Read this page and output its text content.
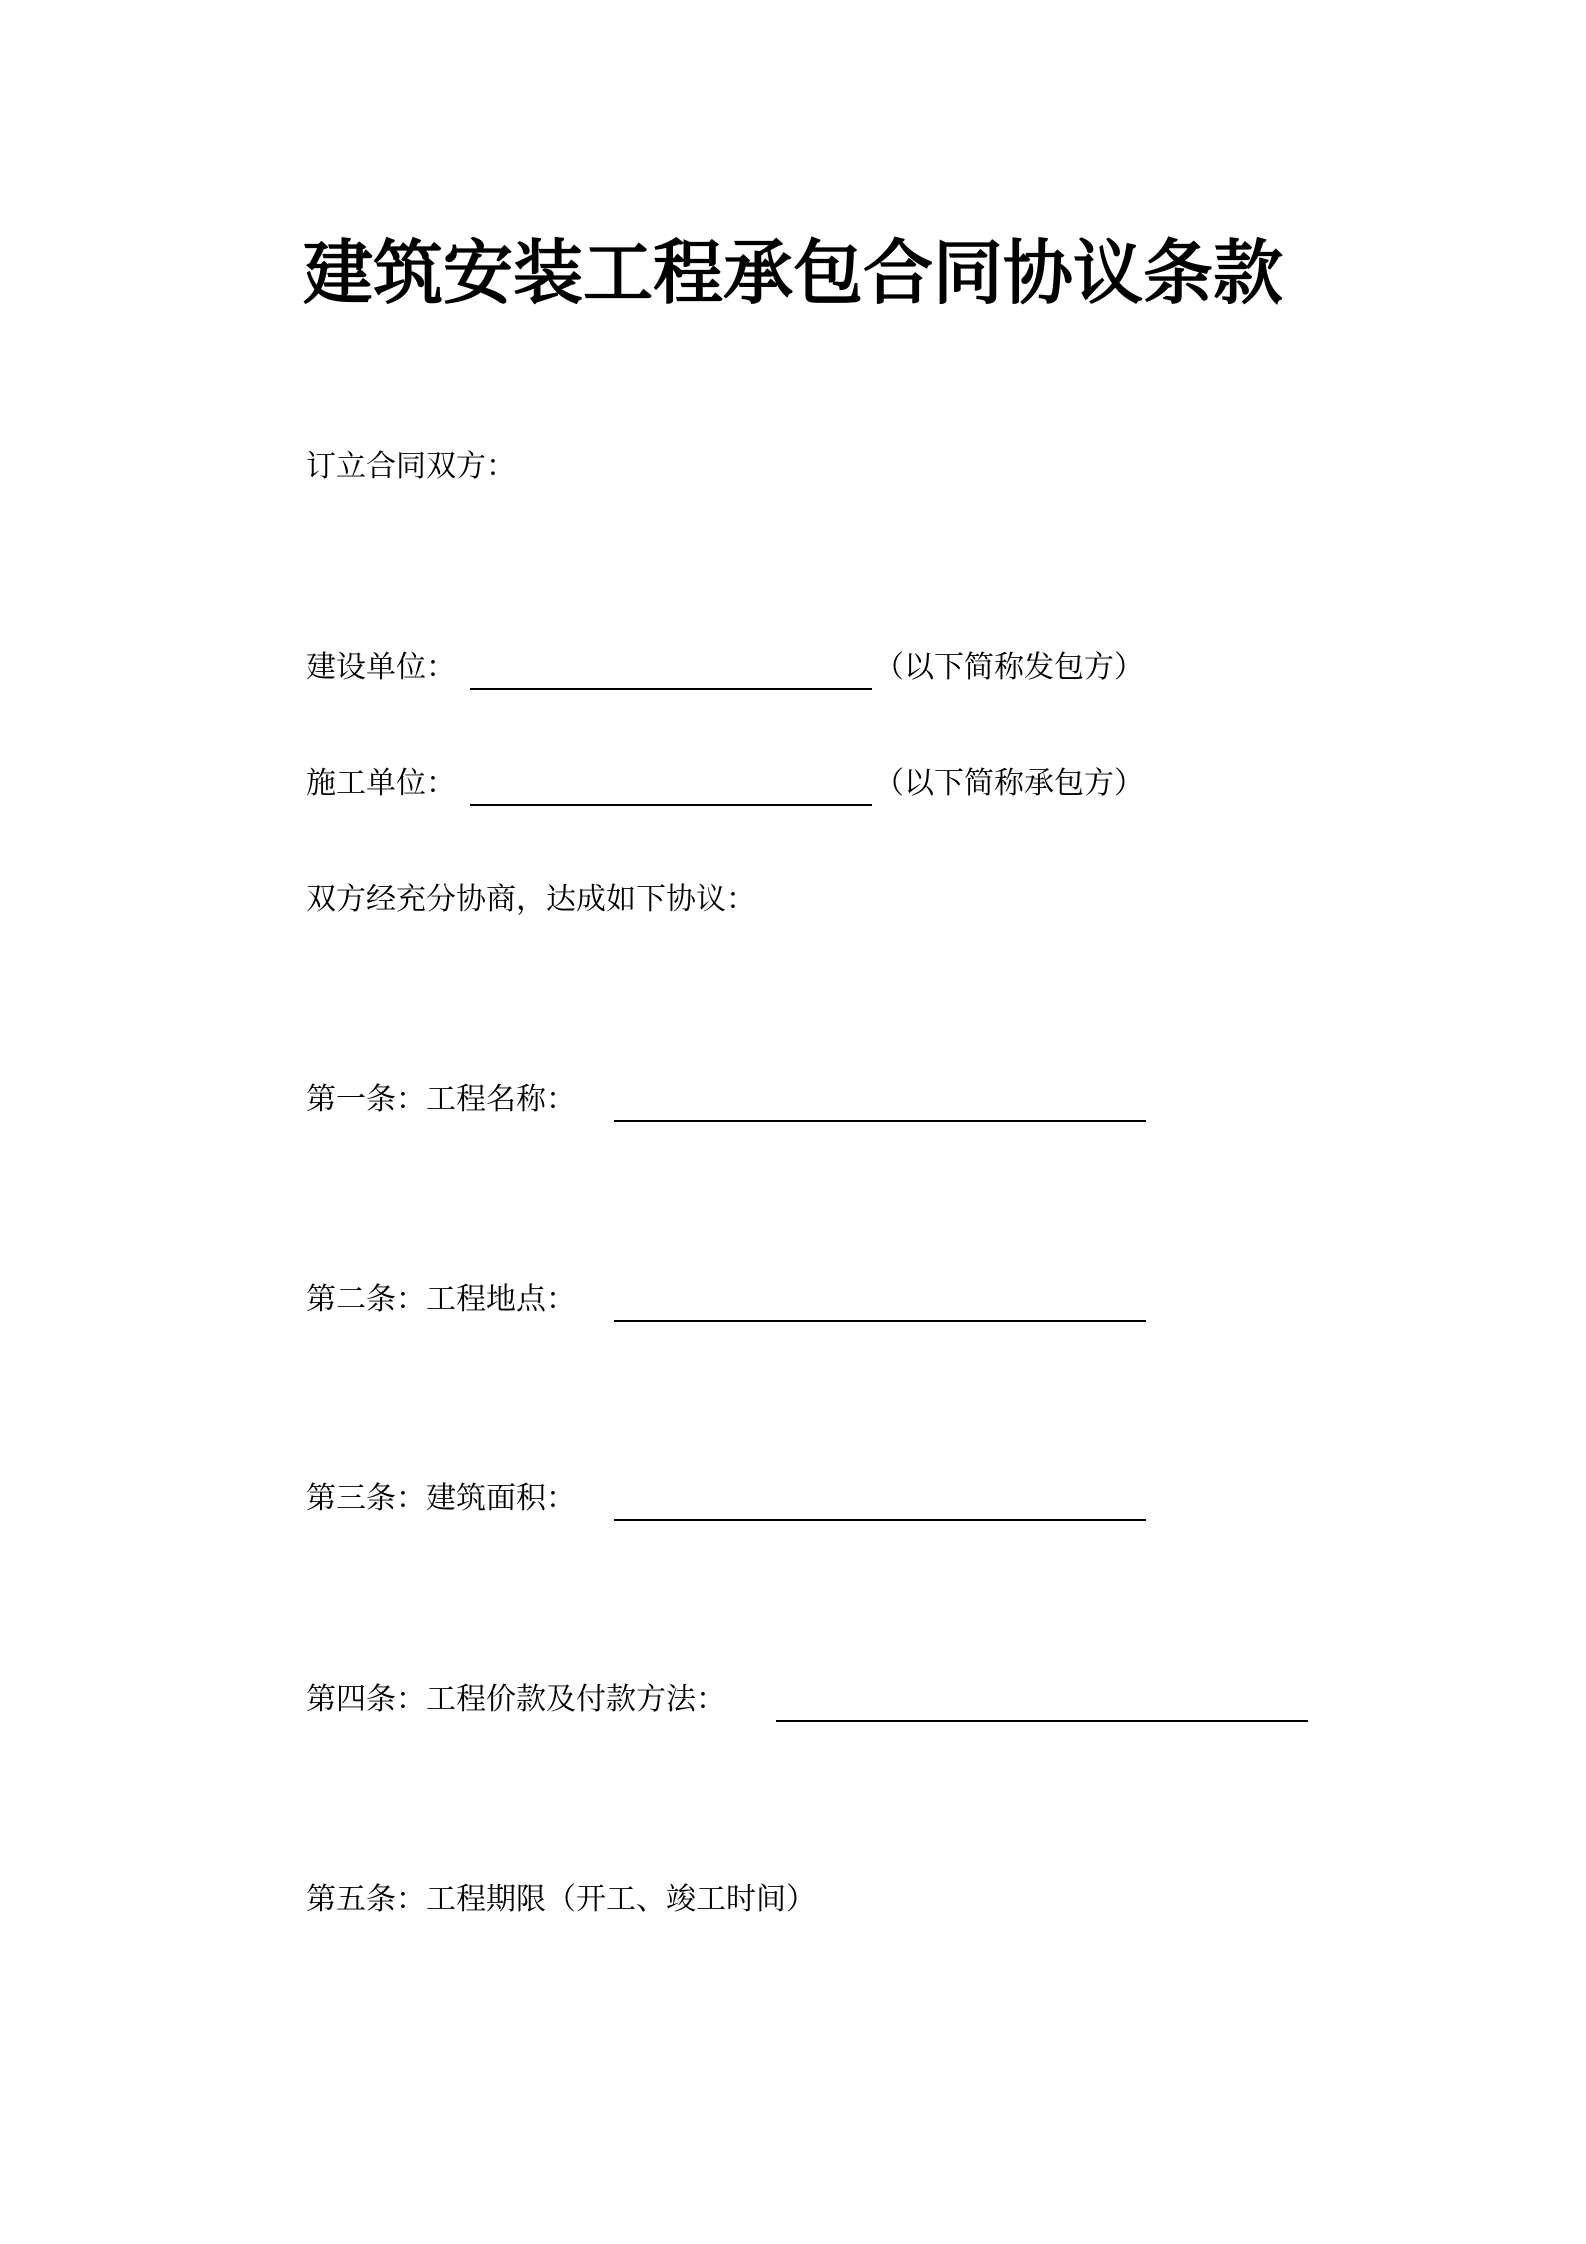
建筑安装工程承包合同协议条款
订立合同双方：
建设单位：	（以下简称发包方）
施工单位：	（以下简称承包方）
双方经充分协商，达成如下协议：
第一条：工程名称：
第二条：工程地点：
第三条：建筑面积：
第四条：工程价款及付款方法：
第五条：工程期限（开工、竣工时间）
